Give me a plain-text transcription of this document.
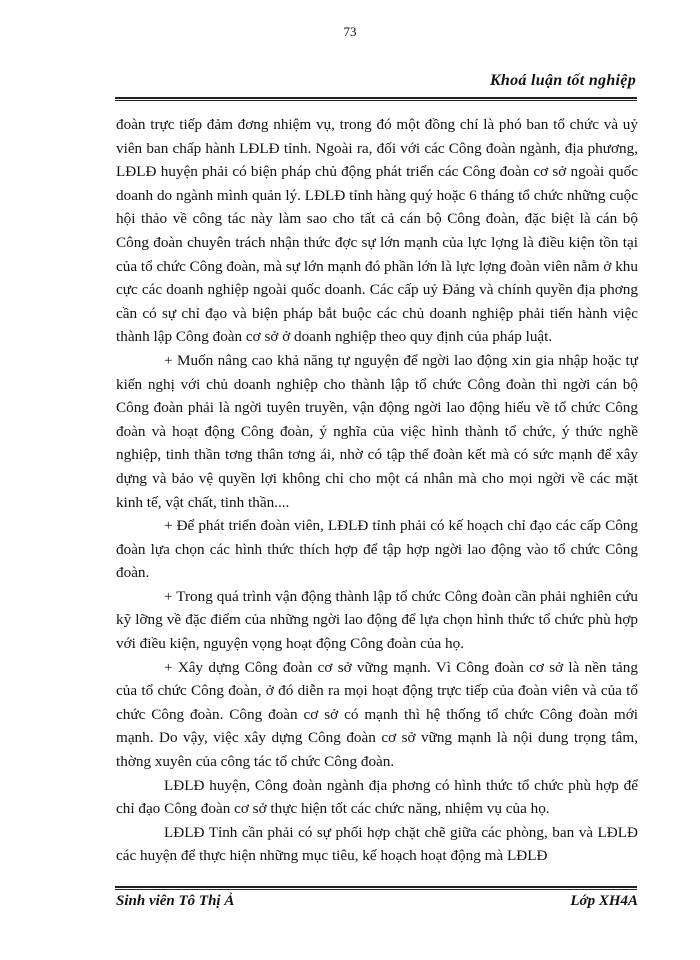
73
Khoá luận tốt nghiệp

đoàn trực tiếp đảm đơng nhiệm vụ, trong đó một đồng chí là phó ban tổ chức và uỷ viên ban chấp hành LĐLĐ tỉnh. Ngoài ra, đối với các Công đoàn ngành, địa phương, LĐLĐ huyện phải có biện pháp chủ động phát triển các Công đoàn cơ sở ngoài quốc doanh do ngành mình quản lý. LĐLĐ tỉnh hàng quý hoặc 6 tháng tổ chức những cuộc hội thảo về công tác này làm sao cho tất cả cán bộ Công đoàn, đặc biệt là cán bộ Công đoàn chuyên trách nhận thức đợc sự lớn mạnh của lực lợng là điều kiện tồn tại của tổ chức Công đoàn, mà sự lớn mạnh đó phần lớn là lực lợng đoàn viên nằm ở khu cực các doanh nghiệp ngoài quốc doanh. Các cấp uỷ Đảng và chính quyền địa phơng cần có sự chỉ đạo và biện pháp bắt buộc các chủ doanh nghiệp phải tiến hành việc thành lập Công đoàn cơ sở ở doanh nghiệp theo quy định của pháp luật.

+ Muốn nâng cao khả năng tự nguyện để ngời lao động xin gia nhập hoặc tự kiến nghị với chủ doanh nghiệp cho thành lập tổ chức Công đoàn thì ngời cán bộ Công đoàn phải là ngời tuyên truyền, vận động ngời lao động hiểu về tổ chức Công đoàn và hoạt động Công đoàn, ý nghĩa của việc hình thành tổ chức, ý thức nghề nghiệp, tinh thần tơng thân tơng ái, nhờ có tập thể đoàn kết mà có sức mạnh để xây dựng và bảo vệ quyền lợi không chỉ cho một cá nhân mà cho mọi ngời về các mặt kinh tế, vật chất, tinh thần....

+ Để phát triển đoàn viên, LĐLĐ tỉnh phải có kế hoạch chỉ đạo các cấp Công đoàn lựa chọn các hình thức thích hợp để tập hợp ngời lao động vào tổ chức Công đoàn.

+ Trong quá trình vận động thành lập tổ chức Công đoàn cần phải nghiên cứu kỹ lỡng về đặc điểm của những ngời lao động để lựa chọn hình thức tổ chức phù hợp với điều kiện, nguyện vọng hoạt động Công đoàn của họ.

+ Xây dựng Công đoàn cơ sở vững mạnh. Vì Công đoàn cơ sở là nền tảng của tổ chức Công đoàn, ở đó diễn ra mọi hoạt động trực tiếp của đoàn viên và của tổ chức Công đoàn. Công đoàn cơ sở có mạnh thì hệ thống tổ chức Công đoàn mới mạnh. Do vậy, việc xây dựng Công đoàn cơ sở vững mạnh là nội dung trọng tâm, thờng xuyên của công tác tổ chức Công đoàn.

LĐLĐ huyện, Công đoàn ngành địa phơng có hình thức tổ chức phù hợp để chỉ đạo Công đoàn cơ sở thực hiện tốt các chức năng, nhiệm vụ của họ.

LĐLĐ Tỉnh cần phải có sự phối hợp chặt chẽ giữa các phòng, ban và LĐLĐ các huyện để thực hiện những mục tiêu, kế hoạch hoạt động mà LĐLĐ

Sinh viên Tô Thị Ả	Lớp XH4A
